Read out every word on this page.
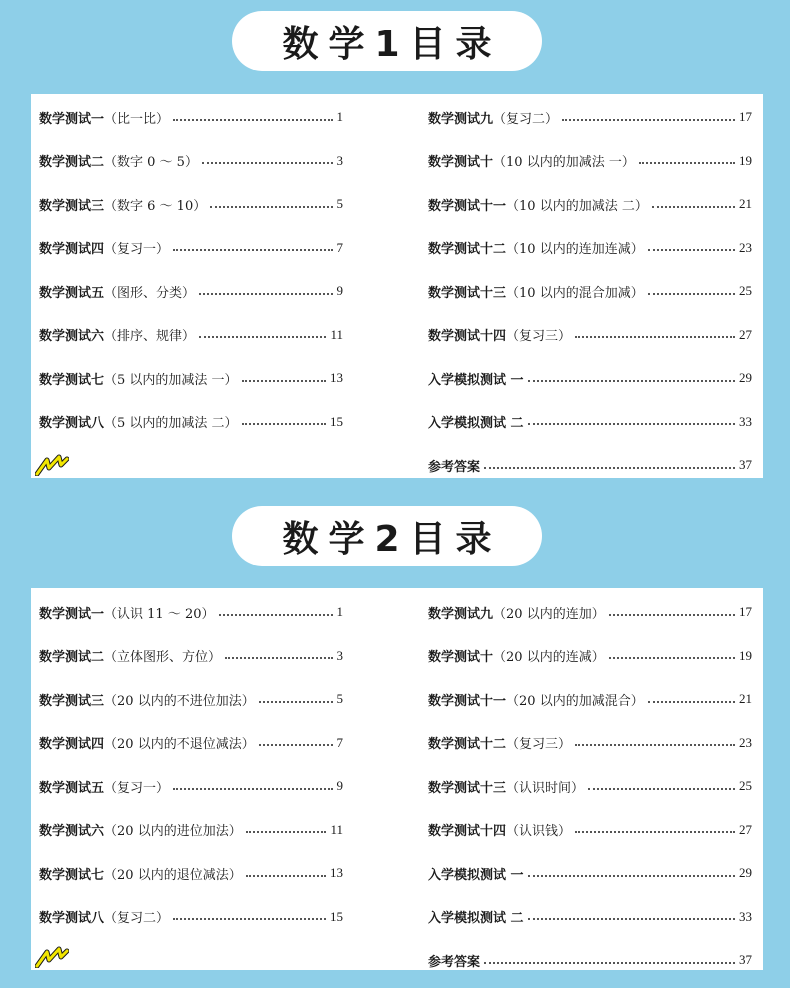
数学1目录
数学测试一（比一比）	1
数学测试二（数字 0 ～ 5）	3
数学测试三（数字 6 ～ 10）	5
数学测试四（复习一）	7
数学测试五（图形、分类）	9
数学测试六（排序、规律）	11
数学测试七（5 以内的加减法 一）	13
数学测试八（5 以内的加减法 二）	15
数学测试九（复习二）	17
数学测试十（10 以内的加减法 一）	19
数学测试十一（10 以内的加减法 二）	21
数学测试十二（10 以内的连加连减）	23
数学测试十三（10 以内的混合加减）	25
数学测试十四（复习三）	27
入学模拟测试 一	29
入学模拟测试 二	33
参考答案	37
数学2目录
数学测试一（认识 11 ～ 20）	1
数学测试二（立体图形、方位）	3
数学测试三（20 以内的不进位加法）	5
数学测试四（20 以内的不退位减法）	7
数学测试五（复习一）	9
数学测试六（20 以内的进位加法）	11
数学测试七（20 以内的退位减法）	13
数学测试八（复习二）	15
数学测试九（20 以内的连加）	17
数学测试十（20 以内的连减）	19
数学测试十一（20 以内的加减混合）	21
数学测试十二（复习三）	23
数学测试十三（认识时间）	25
数学测试十四（认识钱）	27
入学模拟测试 一	29
入学模拟测试 二	33
参考答案	37
